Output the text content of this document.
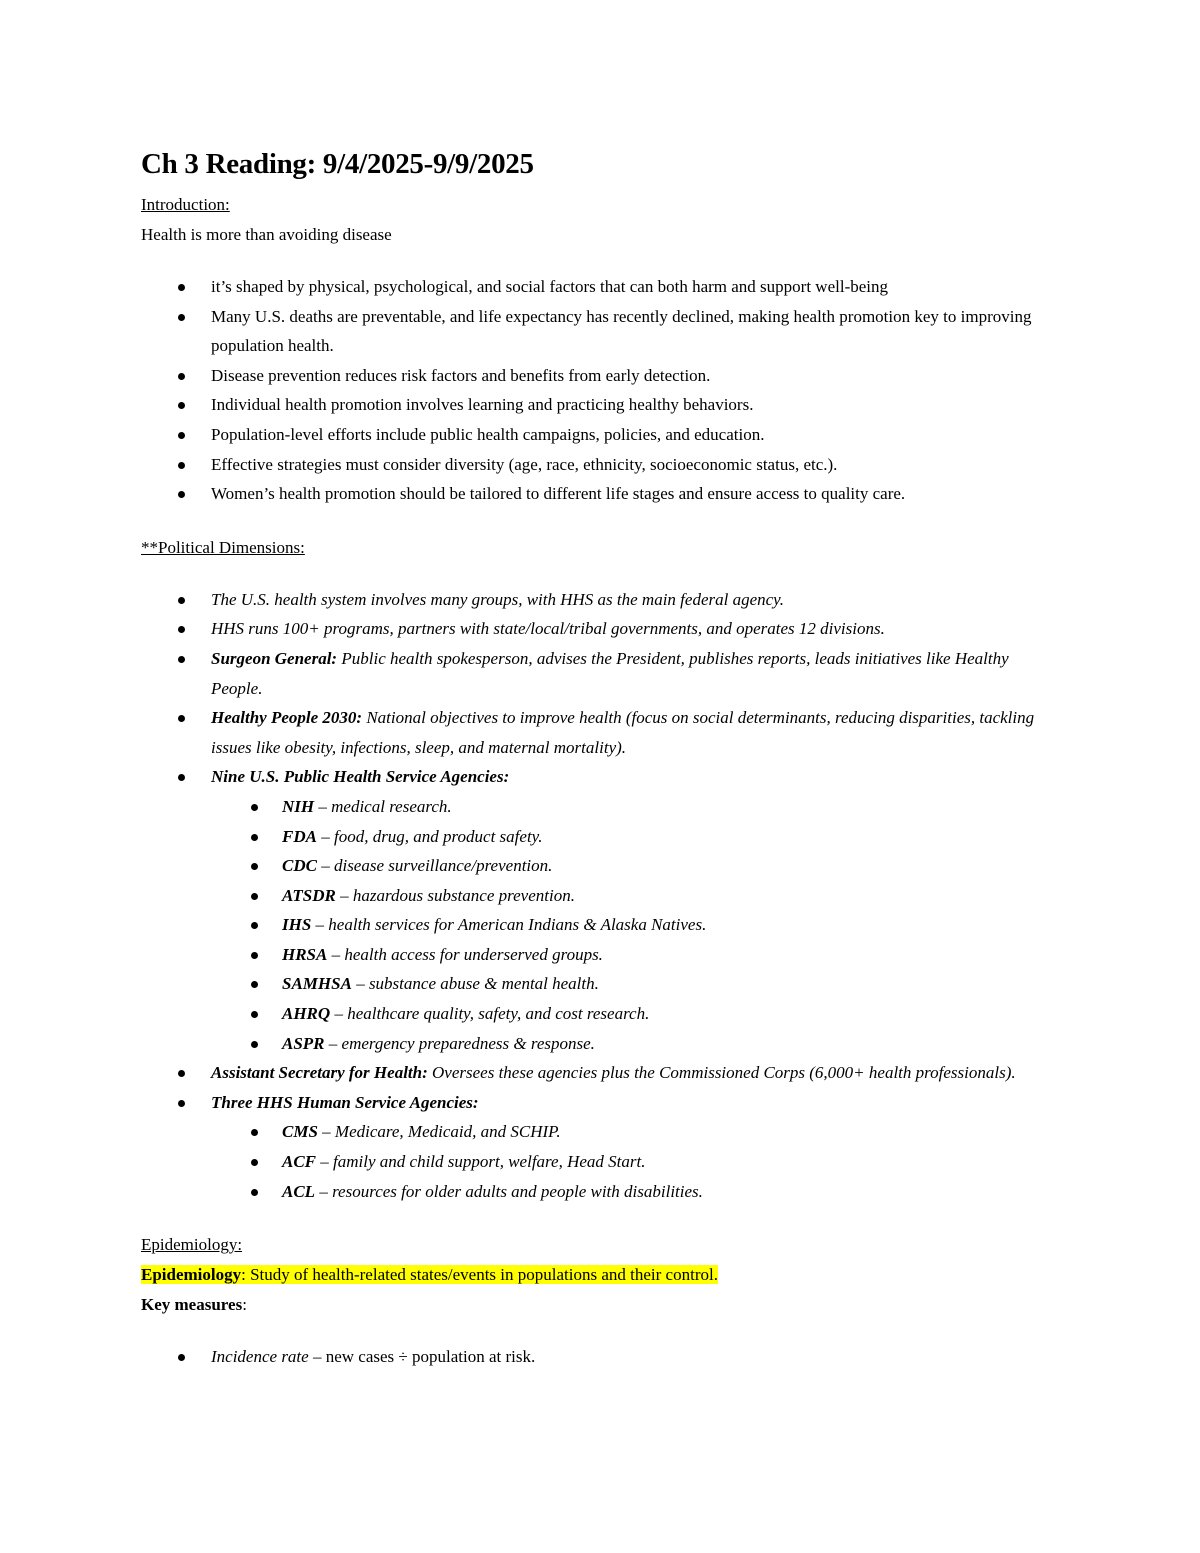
Ch 3 Reading: 9/4/2025-9/9/2025

Introduction:

Health is more than avoiding disease

it’s shaped by physical, psychological, and social factors that can both harm and support well-being
Many U.S. deaths are preventable, and life expectancy has recently declined, making health promotion key to improving population health.
Disease prevention reduces risk factors and benefits from early detection.
Individual health promotion involves learning and practicing healthy behaviors.
Population-level efforts include public health campaigns, policies, and education.
Effective strategies must consider diversity (age, race, ethnicity, socioeconomic status, etc.).
Women’s health promotion should be tailored to different life stages and ensure access to quality care.

**Political Dimensions:

The U.S. health system involves many groups, with HHS as the main federal agency.
HHS runs 100+ programs, partners with state/local/tribal governments, and operates 12 divisions.
Surgeon General: Public health spokesperson, advises the President, publishes reports, leads initiatives like Healthy People.
Healthy People 2030: National objectives to improve health (focus on social determinants, reducing disparities, tackling issues like obesity, infections, sleep, and maternal mortality).
Nine U.S. Public Health Service Agencies:
NIH – medical research.
FDA – food, drug, and product safety.
CDC – disease surveillance/prevention.
ATSDR – hazardous substance prevention.
IHS – health services for American Indians & Alaska Natives.
HRSA – health access for underserved groups.
SAMHSA – substance abuse & mental health.
AHRQ – healthcare quality, safety, and cost research.
ASPR – emergency preparedness & response.
Assistant Secretary for Health: Oversees these agencies plus the Commissioned Corps (6,000+ health professionals).
Three HHS Human Service Agencies:
CMS – Medicare, Medicaid, and SCHIP.
ACF – family and child support, welfare, Head Start.
ACL – resources for older adults and people with disabilities.

Epidemiology:

Epidemiology: Study of health-related states/events in populations and their control.

Key measures:

Incidence rate – new cases ÷ population at risk.
